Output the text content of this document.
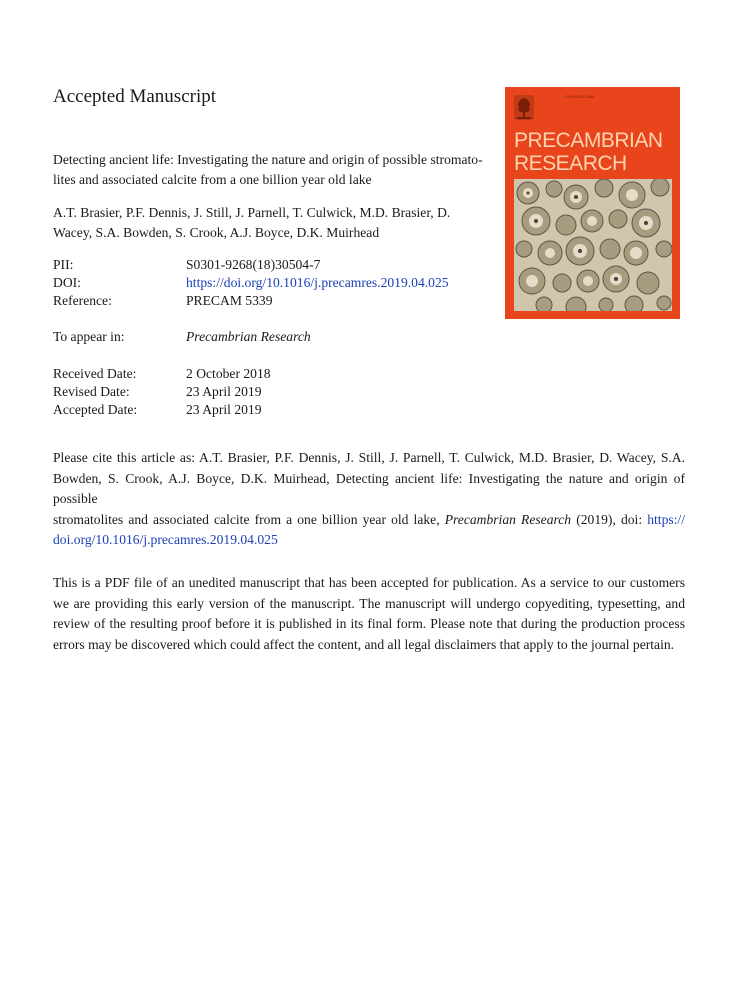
Accepted Manuscript
Detecting ancient life: Investigating the nature and origin of possible stromato-
lites and associated calcite from a one billion year old lake
A.T. Brasier, P.F. Dennis, J. Still, J. Parnell, T. Culwick, M.D. Brasier, D.
Wacey, S.A. Bowden, S. Crook, A.J. Boyce, D.K. Muirhead
PII:	S0301-9268(18)30504-7
DOI:	https://doi.org/10.1016/j.precamres.2019.04.025
Reference:	PRECAM 5339
To appear in:	Precambrian Research
Received Date:	2 October 2018
Revised Date:	23 April 2019
Accepted Date:	23 April 2019
Please cite this article as: A.T. Brasier, P.F. Dennis, J. Still, J. Parnell, T. Culwick, M.D. Brasier, D. Wacey, S.A.
Bowden, S. Crook, A.J. Boyce, D.K. Muirhead, Detecting ancient life: Investigating the nature and origin of possible
stromatolites and associated calcite from a one billion year old lake, Precambrian Research (2019), doi: https://
doi.org/10.1016/j.precamres.2019.04.025
This is a PDF file of an unedited manuscript that has been accepted for publication. As a service to our customers we are providing this early version of the manuscript. The manuscript will undergo copyediting, typesetting, and review of the resulting proof before it is published in its final form. Please note that during the production process errors may be discovered which could affect the content, and all legal disclaimers that apply to the journal pertain.
ISSN 0301-9268
PRECAMBRIAN
RESEARCH
